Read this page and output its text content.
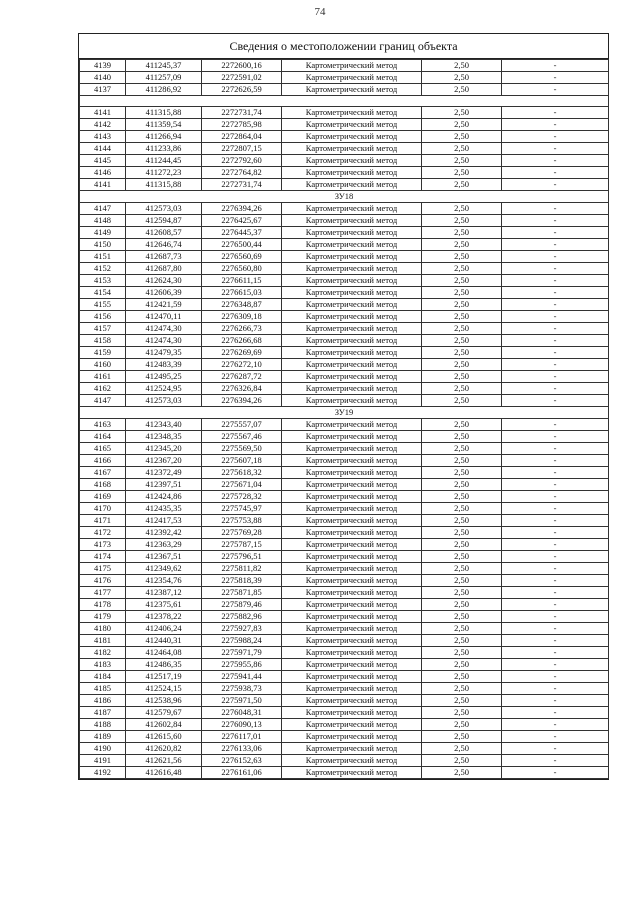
74
Сведения о местоположении границ объекта
4139	411245,37	2272600,16	Картометрический метод	2,50	-
4140	411257,09	2272591,02	Картометрический метод	2,50	-
4137	411286,92	2272626,59	Картометрический метод	2,50	-

4141	411315,88	2272731,74	Картометрический метод	2,50	-
4142	411359,54	2272785,98	Картометрический метод	2,50	-
4143	411266,94	2272864,04	Картометрический метод	2,50	-
4144	411233,86	2272807,15	Картометрический метод	2,50	-
4145	411244,45	2272792,60	Картометрический метод	2,50	-
4146	411272,23	2272764,82	Картометрический метод	2,50	-
4141	411315,88	2272731,74	Картометрический метод	2,50	-
ЗУ18					
4147	412573,03	2276394,26	Картометрический метод	2,50	-
4148	412594,87	2276425,67	Картометрический метод	2,50	-
4149	412608,57	2276445,37	Картометрический метод	2,50	-
4150	412646,74	2276500,44	Картометрический метод	2,50	-
4151	412687,73	2276560,69	Картометрический метод	2,50	-
4152	412687,80	2276560,80	Картометрический метод	2,50	-
4153	412624,30	2276611,15	Картометрический метод	2,50	-
4154	412606,39	2276615,03	Картометрический метод	2,50	-
4155	412421,59	2276348,87	Картометрический метод	2,50	-
4156	412470,11	2276309,18	Картометрический метод	2,50	-
4157	412474,30	2276266,73	Картометрический метод	2,50	-
4158	412474,30	2276266,68	Картометрический метод	2,50	-
4159	412479,35	2276269,69	Картометрический метод	2,50	-
4160	412483,39	2276272,10	Картометрический метод	2,50	-
4161	412495,25	2276287,72	Картометрический метод	2,50	-
4162	412524,95	2276326,84	Картометрический метод	2,50	-
4147	412573,03	2276394,26	Картометрический метод	2,50	-
ЗУ19					
4163	412343,40	2275557,07	Картометрический метод	2,50	-
4164	412348,35	2275567,46	Картометрический метод	2,50	-
4165	412345,20	2275569,50	Картометрический метод	2,50	-
4166	412367,20	2275607,18	Картометрический метод	2,50	-
4167	412372,49	2275618,32	Картометрический метод	2,50	-
4168	412397,51	2275671,04	Картометрический метод	2,50	-
4169	412424,86	2275728,32	Картометрический метод	2,50	-
4170	412435,35	2275745,97	Картометрический метод	2,50	-
4171	412417,53	2275753,88	Картометрический метод	2,50	-
4172	412392,42	2275769,28	Картометрический метод	2,50	-
4173	412363,29	2275787,15	Картометрический метод	2,50	-
4174	412367,51	2275796,51	Картометрический метод	2,50	-
4175	412349,62	2275811,82	Картометрический метод	2,50	-
4176	412354,76	2275818,39	Картометрический метод	2,50	-
4177	412387,12	2275871,85	Картометрический метод	2,50	-
4178	412375,61	2275879,46	Картометрический метод	2,50	-
4179	412378,22	2275882,96	Картометрический метод	2,50	-
4180	412406,24	2275927,83	Картометрический метод	2,50	-
4181	412440,31	2275988,24	Картометрический метод	2,50	-
4182	412464,08	2275971,79	Картометрический метод	2,50	-
4183	412486,35	2275955,86	Картометрический метод	2,50	-
4184	412517,19	2275941,44	Картометрический метод	2,50	-
4185	412524,15	2275938,73	Картометрический метод	2,50	-
4186	412538,96	2275971,50	Картометрический метод	2,50	-
4187	412579,67	2276048,31	Картометрический метод	2,50	-
4188	412602,84	2276090,13	Картометрический метод	2,50	-
4189	412615,60	2276117,01	Картометрический метод	2,50	-
4190	412620,82	2276133,06	Картометрический метод	2,50	-
4191	412621,56	2276152,63	Картометрический метод	2,50	-
4192	412616,48	2276161,06	Картометрический метод	2,50	-
